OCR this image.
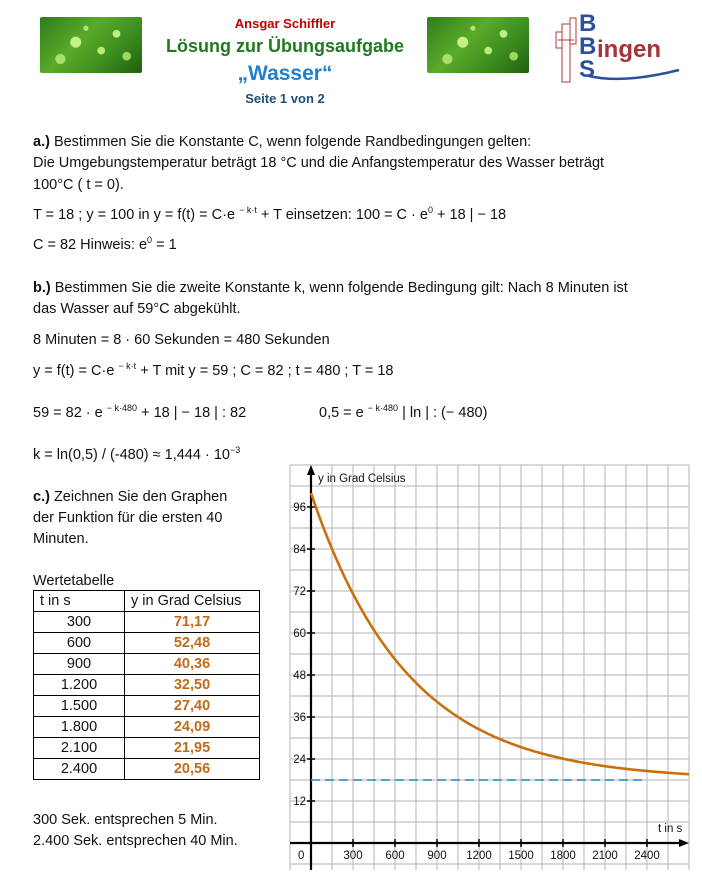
Ansgar Schiffler
Lösung zur Übungsaufgabe
„Wasser“
Seite 1 von 2
B
B
S
ingen
a.) Bestimmen Sie die Konstante C, wenn folgende Randbedingungen gelten:
Die Umgebungstemperatur beträgt 18 °C und die Anfangstemperatur des Wasser beträgt
100°C ( t = 0).
T = 18 ; y = 100 in y = f(t) = C·e $^{- k\cdot t}$ + T einsetzen: $100 = C \cdot e^0 + 18$ | − 18
C = 82 Hinweis: $e^0 = 1$
b.) Bestimmen Sie die zweite Konstante k, wenn folgende Bedingung gilt: Nach 8 Minuten ist
das Wasser auf 59°C abgekühlt.
8 Minuten = 8 · 60 Sekunden = 480 Sekunden
y = f(t) = C·e $^{- k\cdot t}$ + T mit y = 59 ; C = 82 ; t = 480 ; T = 18
59 = 82 · e $^{- k\cdot 480}$ + 18 | − 18 | : 82	0,5 = e $^{- k\cdot 480}$ | ln | : (− 480)
$k = \ln(0,5) / (-480) \approx 1,444 \cdot 10^{-3}$
c.) Zeichnen Sie den Graphen
der Funktion für die ersten 40
Minuten.
Wertetabelle
t in s	y in Grad Celsius
300	71,17
600	52,48
900	40,36
1.200	32,50
1.500	27,40
1.800	24,09
2.100	21,95
2.400	20,56
300 Sek. entsprechen 5 Min.
2.400 Sek. entsprechen 40 Min.
300 600 900 1200 1500 1800 2100 2400
12
24
36
48
60
72
84
96
y in Grad Celsius
t in s
0
